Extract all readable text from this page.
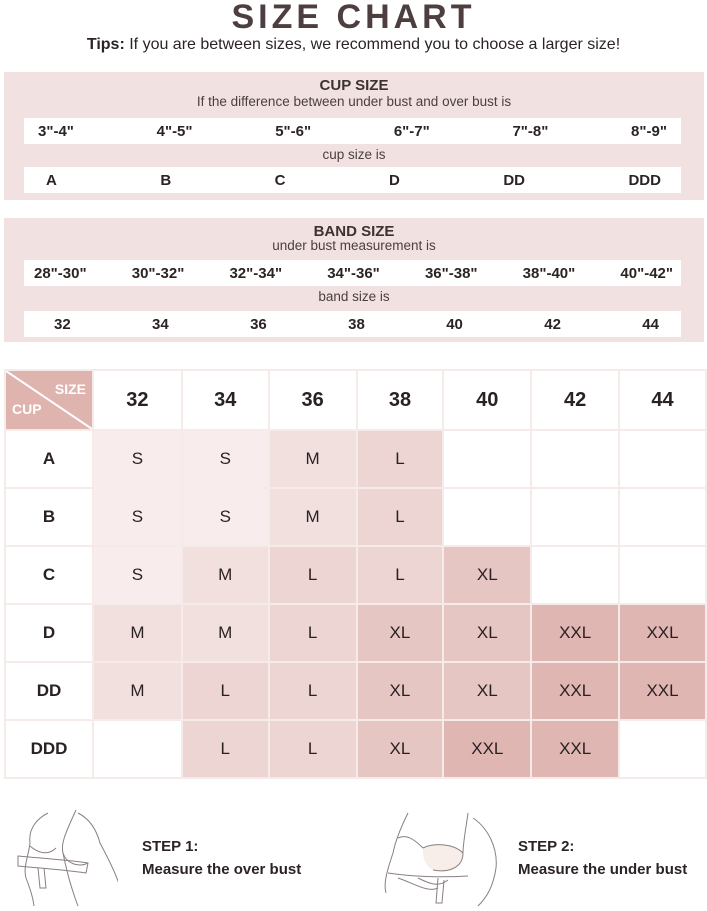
SIZE CHART
Tips: If you are between sizes, we recommend you to choose a larger size!
CUP SIZE
If the difference between under bust and over bust is
3"-4"	4"-5"	5"-6"	6"-7"	7"-8"	8"-9"
cup size is
A	B	C	D	DD	DDD
BAND SIZE
under bust measurement is
28"-30"	30"-32"	32"-34"	34"-36"	36"-38"	38"-40"	40"-42"
band size is
32	34	36	38	40	42	44
SIZE
CUP	32	34	36	38	40	42	44
A	S	S	M	L			
B	S	S	M	L			
C	S	M	L	L	XL		
D	M	M	L	XL	XL	XXL	XXL
DD	M	L	L	XL	XL	XXL	XXL
DDD		L	L	XL	XXL	XXL	
STEP 1:
Measure the over bust
STEP 2:
Measure the under bust
